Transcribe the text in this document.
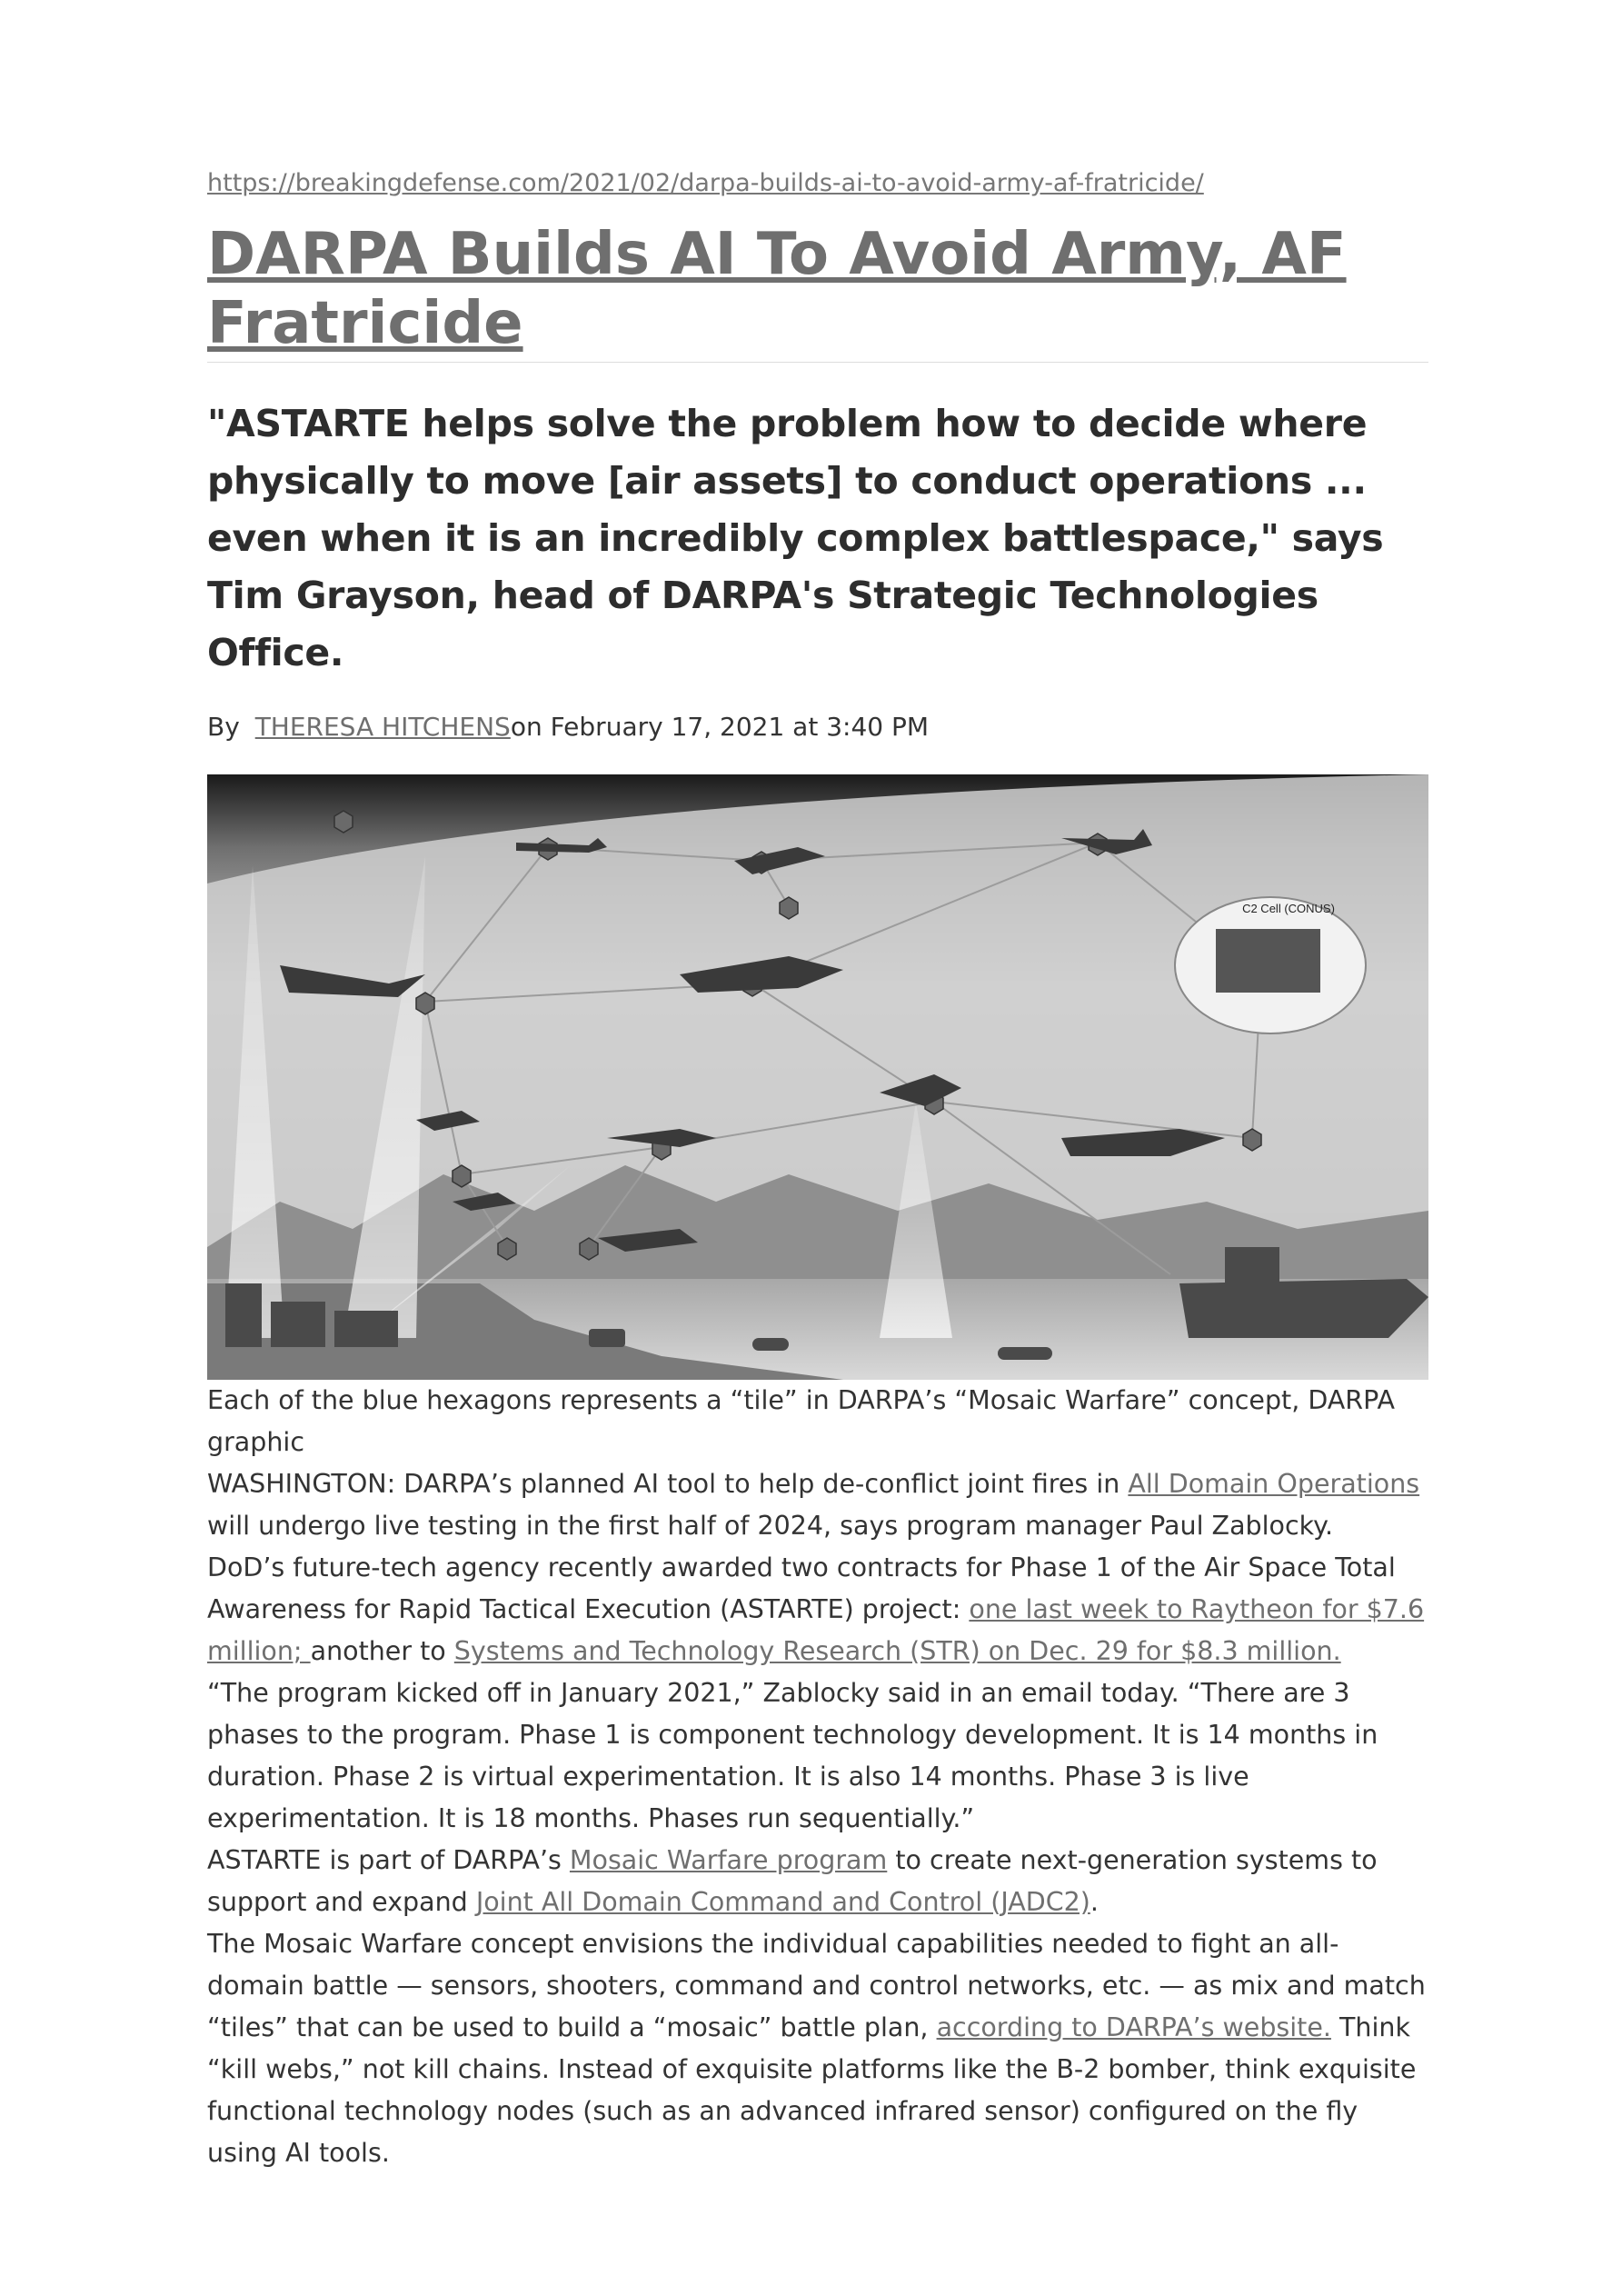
https://breakingdefense.com/2021/02/darpa-builds-ai-to-avoid-army-af-fratricide/
DARPA Builds AI To Avoid Army, AF Fratricide
"ASTARTE helps solve the problem how to decide where physically to move [air assets] to conduct operations ... even when it is an incredibly complex battlespace," says Tim Grayson, head of DARPA's Strategic Technologies Office.
By THERESA HITCHENSon February 17, 2021 at 3:40 PM
C2 Cell (CONUS)

Each of the blue hexagons represents a “tile” in DARPA’s “Mosaic Warfare” concept, DARPA graphic

WASHINGTON: DARPA’s planned AI tool to help de-conflict joint fires in All Domain Operations will undergo live testing in the first half of 2024, says program manager Paul Zablocky.

DoD’s future-tech agency recently awarded two contracts for Phase 1 of the Air Space Total Awareness for Rapid Tactical Execution (ASTARTE) project: one last week to Raytheon for $7.6 million; another to Systems and Technology Research (STR) on Dec. 29 for $8.3 million.

“The program kicked off in January 2021,” Zablocky said in an email today. “There are 3 phases to the program. Phase 1 is component technology development. It is 14 months in duration. Phase 2 is virtual experimentation. It is also 14 months. Phase 3 is live experimentation. It is 18 months. Phases run sequentially.”

ASTARTE is part of DARPA’s Mosaic Warfare program to create next-generation systems to support and expand Joint All Domain Command and Control (JADC2).

The Mosaic Warfare concept envisions the individual capabilities needed to fight an all-domain battle — sensors, shooters, command and control networks, etc. — as mix and match “tiles” that can be used to build a “mosaic” battle plan, according to DARPA’s website. Think “kill webs,” not kill chains. Instead of exquisite platforms like the B-2 bomber, think exquisite functional technology nodes (such as an advanced infrared sensor) configured on the fly using AI tools.
